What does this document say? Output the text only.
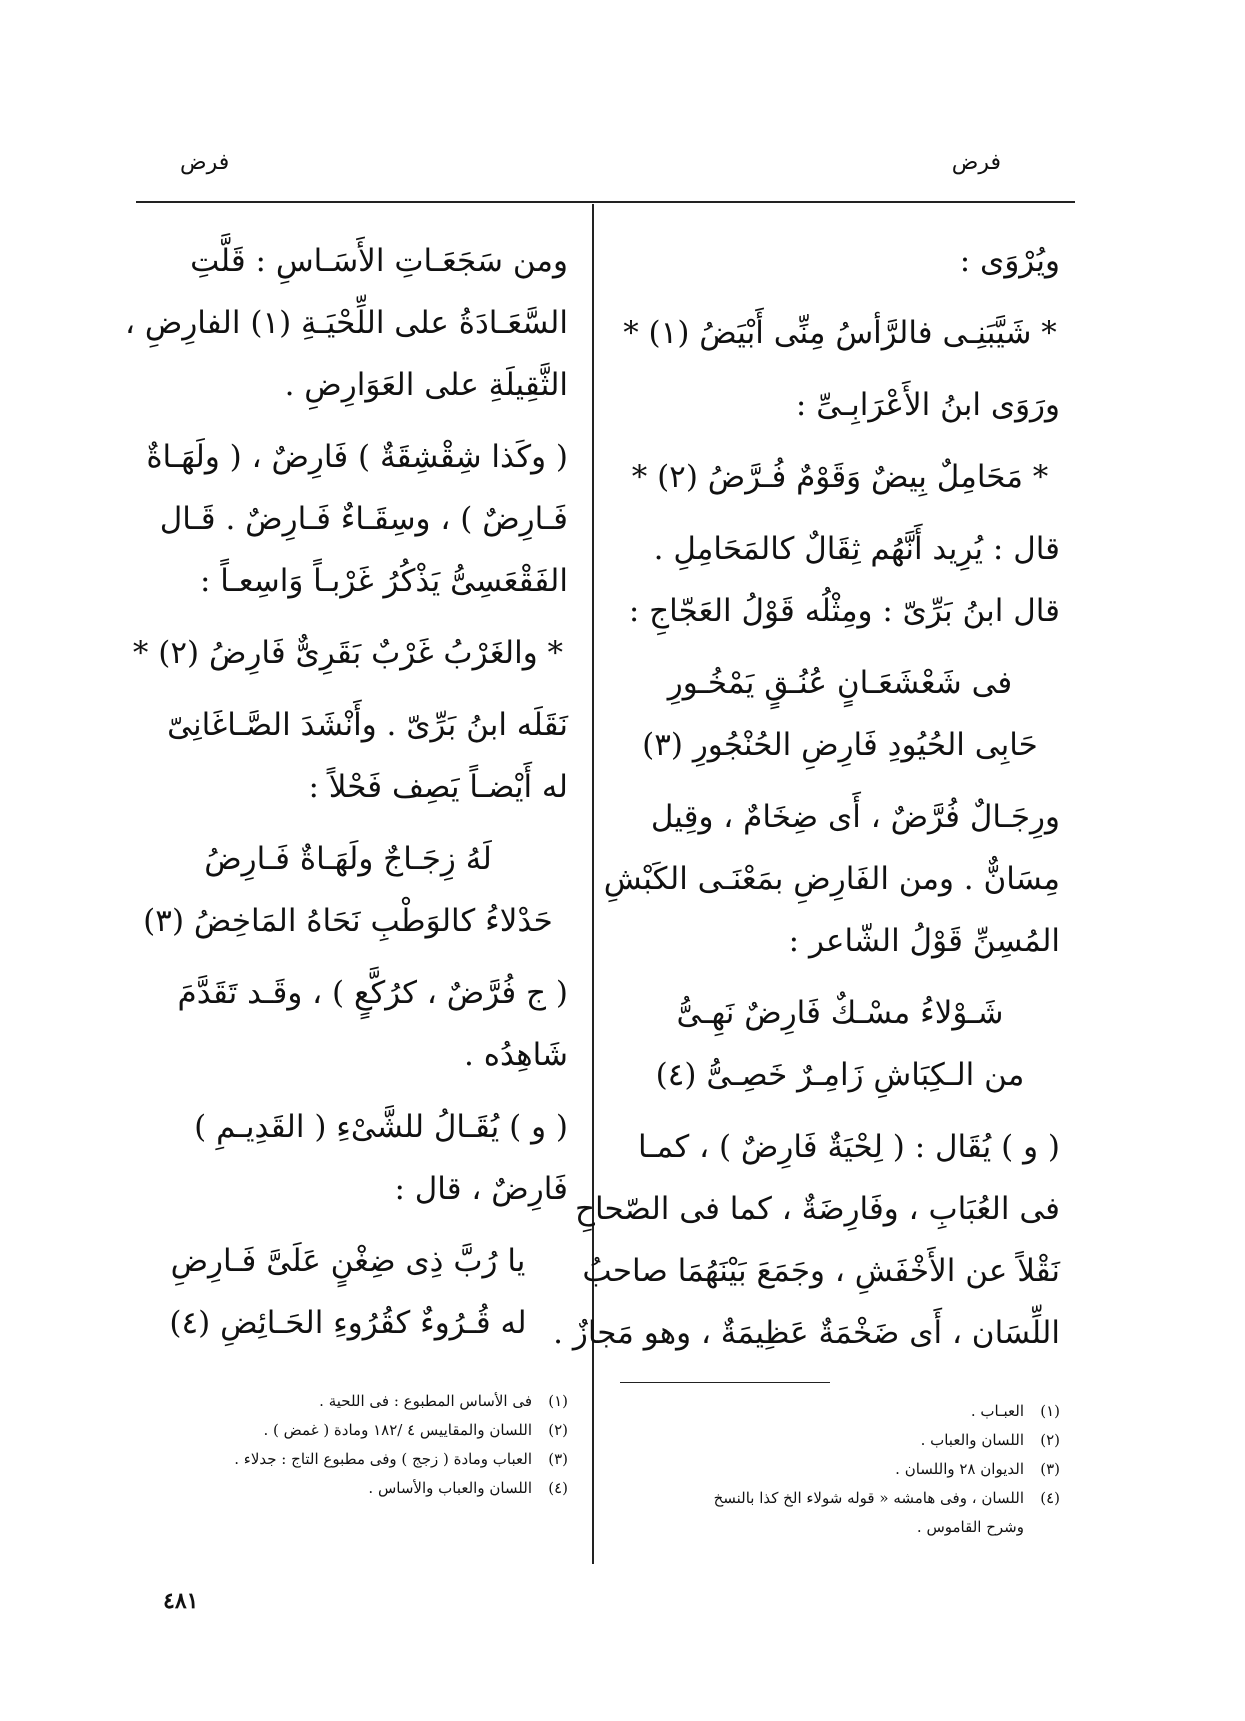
فرض
فرض

ويُرْوَى :

* شَيَّبَنِـى فالرَّأسُ مِنِّى أَبْيَضُ (١) *

ورَوَى ابنُ الأَعْرَابِـىِّ :

* مَحَامِلٌ بِيضٌ وَقَوْمٌ فُـرَّضُ (٢) *

قال : يُرِيد أَنَّهُم ثِقَالٌ كالمَحَامِلِ .

قال ابنُ بَرِّىّ : ومِثْلُه قَوْلُ العَجّاجِ :

فى شَعْشَعَـانٍ عُنُـقٍ يَمْخُـورِ

حَابِى الحُيُودِ فَارِضِ الحُنْجُورِ (٣)

ورِجَـالٌ فُرَّضٌ ، أَى ضِخَامٌ ، وقِيل

مِسَانٌّ . ومن الفَارِضِ بمَعْنَـى الكَبْشِ

المُسِنِّ قَوْلُ الشّاعر :

شَـوْلاءُ مسْـكٌ فَارِضٌ نَهِـىُّ

من الـكِبَاشِ زَامِـرٌ خَصِـىُّ (٤)

( و ) يُقَال : ( لِحْيَةٌ فَارِضٌ ) ، كمـا

فى العُبَابِ ، وفَارِضَةٌ ، كما فى الصّحاحِ

نَقْلاً عن الأَخْفَشِ ، وجَمَعَ بَيْنَهُمَا صاحبُ

اللِّسَان ، أَى ضَخْمَةٌ عَظِيمَةٌ ، وهو مَجازٌ .

(١)العبـاب .

(٢)اللسان والعباب .

(٣)الديوان ٢٨ واللسان .

(٤)اللسان ، وفى هامشه « قوله شولاء الخ كذا بالنسخ

وشرح القاموس .

ومن سَجَعَـاتِ الأَسَـاسِ : قَلَّتِ

السَّعَـادَةُ على اللِّحْيَـةِ (١) الفارِضِ ،

الثَّقِيلَةِ على العَوَارِضِ .

( وكَذا شِقْشِقَةٌ ) فَارِضٌ ، ( ولَهَـاةٌ

فَـارِضٌ ) ، وسِقَـاءٌ فَـارِضٌ . قَـال

الفَقْعَسِىُّ يَذْكُرُ غَرْبـاً وَاسِعـاً :

* والغَرْبُ غَرْبٌ بَقَرِىٌّ فَارِضُ (٢) *

نَقَلَه ابنُ بَرِّىّ . وأَنْشَدَ الصَّـاغَانِىّ

له أَيْضـاً يَصِف فَحْلاً :

لَهُ زِجَـاجٌ ولَهَـاةٌ فَـارِضُ

حَدْلاءُ كالوَطْبِ نَحَاهُ المَاخِضُ (٣)

( ج فُرَّضٌ ، كرُكَّعٍ ) ، وقَـد تَقَدَّمَ

شَاهِدُه .

( و ) يُقَـالُ للشَّىْءِ ( القَدِيـمِ )

فَارِضٌ ، قال :

يا رُبَّ ذِى ضِغْنٍ عَلَىَّ فَـارِضِ

له قُـرُوءٌ كقُرُوءِ الحَـائِضِ (٤)

(١)فى الأساس المطبوع : فى اللحية .

(٢)اللسان والمقاييس ٤ /١٨٢ ومادة ( غمض ) .

(٣)العباب ومادة ( زجج ) وفى مطبوع التاج : جدلاء .

(٤)اللسان والعباب والأساس .

٤٨١
